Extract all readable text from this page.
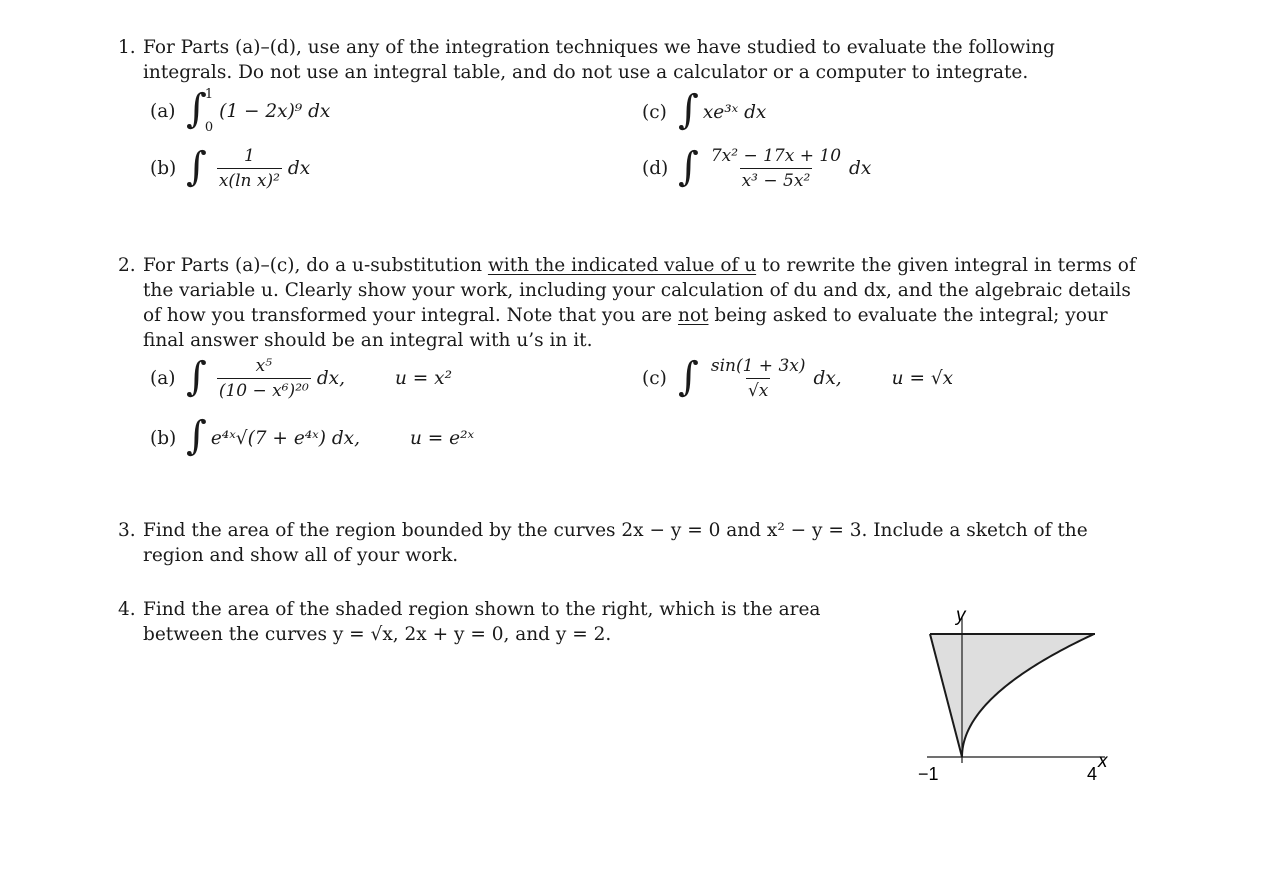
1. For Parts (a)–(d), use any of the integration techniques we have studied to evaluate the following integrals. Do not use an integral table, and do not use a calculator or a computer to integrate.
(a) ∫
1
0
(1 − 2x)⁹ dx	(c) ∫ xe³ˣ dx
(b) ∫ $\frac{1}{\text{x(ln x)²}}$ dx	(d) ∫ $\frac{\text{7x² − 17x + 10}}{\text{x³ − 5x²}}$ dx
2. For Parts (a)–(c), do a u-substitution with the indicated value of u to rewrite the given integral in terms of the variable u. Clearly show your work, including your calculation of du and dx, and the algebraic details of how you transformed your integral. Note that you are not being asked to evaluate the integral; your final answer should be an integral with u’s in it.
(a) ∫ $\frac{\text{x⁵}}{\text{(10 − x⁶)²⁰}}$ dx,	u = x²	(c) ∫ $\frac{\sin(1 + 3x)}{√x}$ dx,	u = √x
(b) ∫ e⁴ˣ√(7 + e⁴ˣ) dx,	u = e²ˣ
3. Find the area of the region bounded by the curves 2x − y = 0 and x² − y = 3. Include a sketch of the region and show all of your work.
4. Find the area of the shaded region shown to the right, which is the area between the curves y = √x, 2x + y = 0, and y = 2.
y
x
−1	4
